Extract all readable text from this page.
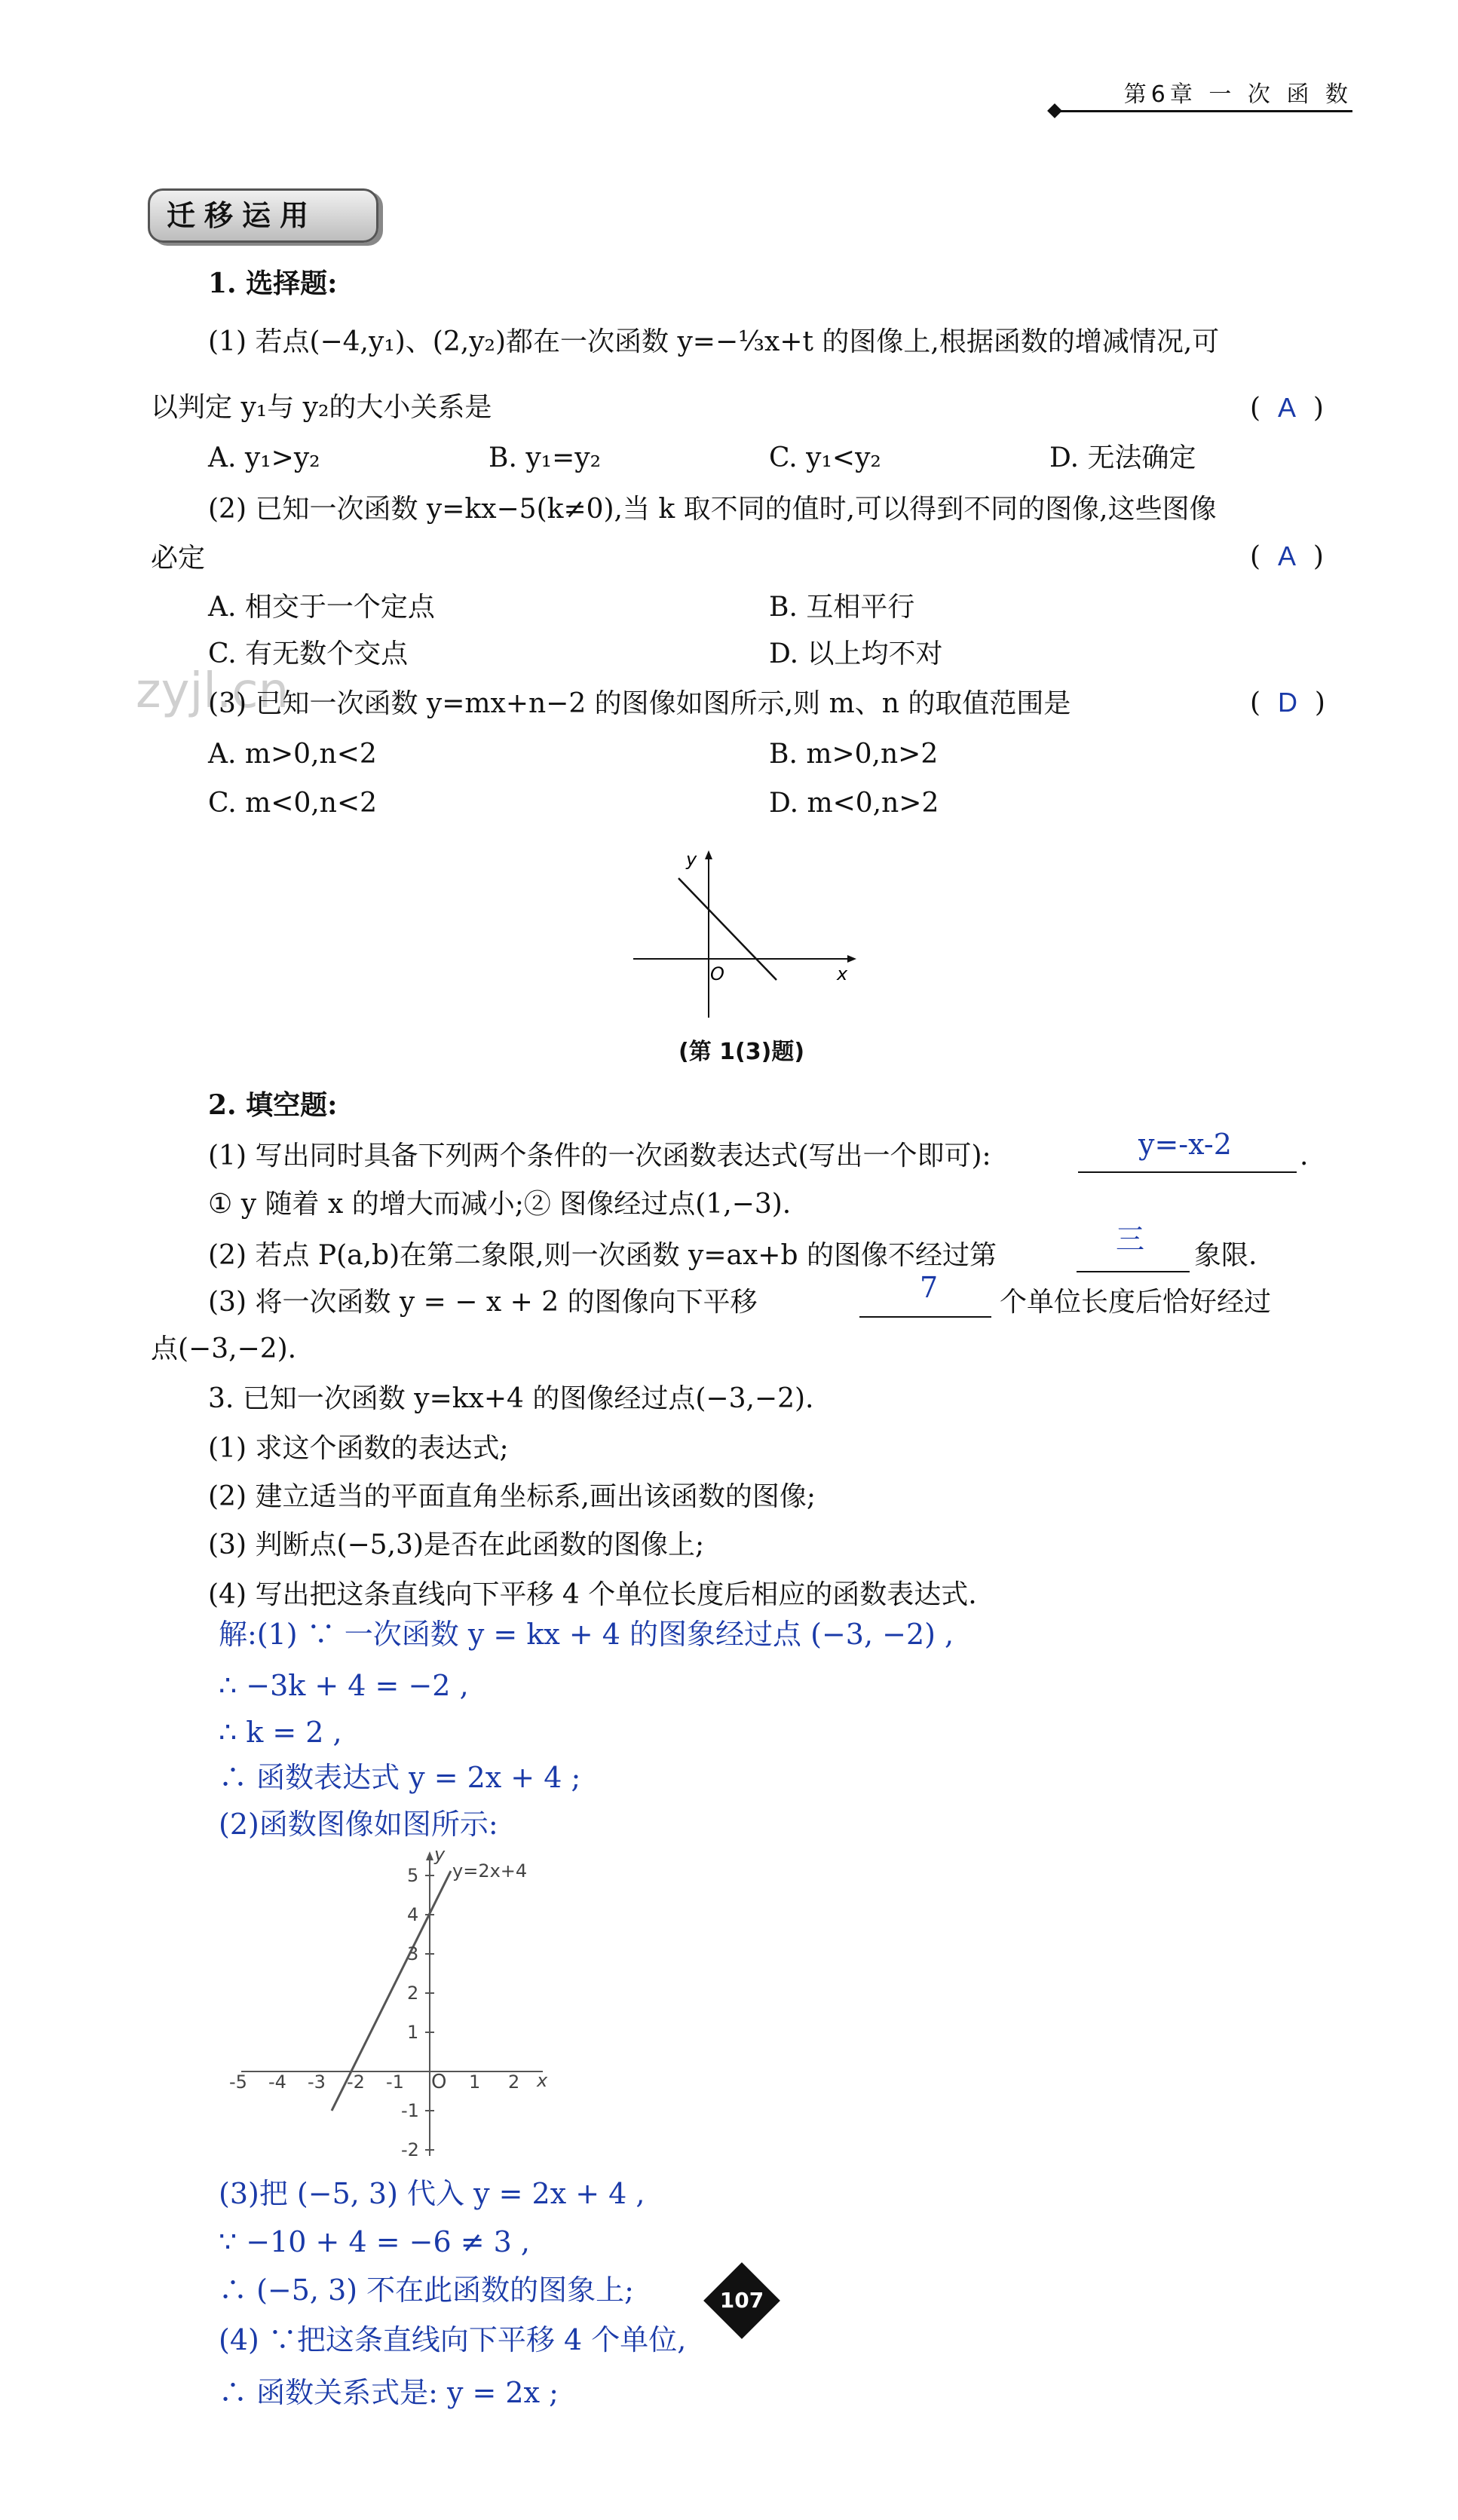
第6章 一 次 函 数
迁移运用
zyjl.cn
1. 选择题:
(1) 若点(−4,y₁)、(2,y₂)都在一次函数 y=−⅓x+t 的图像上,根据函数的增减情况,可
以判定 y₁与 y₂的大小关系是	(  A  )
A. y₁>y₂	B. y₁=y₂	C. y₁<y₂	D. 无法确定
(2) 已知一次函数 y=kx−5(k≠0),当 k 取不同的值时,可以得到不同的图像,这些图像
必定	(  A  )
A. 相交于一个定点	B. 互相平行
C. 有无数个交点	D. 以上均不对
(3) 已知一次函数 y=mx+n−2 的图像如图所示,则 m、n 的取值范围是	(  D  )
A. m>0,n<2	B. m>0,n>2
C. m<0,n<2	D. m<0,n>2
y
x
O
(第 1(3)题)
2. 填空题:
(1) 写出同时具备下列两个条件的一次函数表达式(写出一个即可):	y=-x-2	.
① y 随着 x 的增大而减小;② 图像经过点(1,−3).
(2) 若点 P(a,b)在第二象限,则一次函数 y=ax+b 的图像不经过第	三 象限.
(3) 将一次函数 y = − x + 2 的图像向下平移	7 个单位长度后恰好经过
点(−3,−2).
3. 已知一次函数 y=kx+4 的图像经过点(−3,−2).
(1) 求这个函数的表达式;
(2) 建立适当的平面直角坐标系,画出该函数的图像;
(3) 判断点(−5,3)是否在此函数的图像上;
(4) 写出把这条直线向下平移 4 个单位长度后相应的函数表达式.
解:(1) ∵ 一次函数 y = kx + 4 的图象经过点 (−3, −2) ,
∴ −3k + 4 = −2 ,
∴ k = 2 ,
∴ 函数表达式 y = 2x + 4 ;
(2)函数图像如图所示:
y=2x+4
y
x
O
-5 -4 -3 -2 -1	1 2
5
4
3
2
1
-1
-2
(3)把 (−5, 3) 代入 y = 2x + 4 ,
∵ −10 + 4 = −6 ≠ 3 ,
∴ (−5, 3) 不在此函数的图象上;
(4) ∵把这条直线向下平移 4 个单位,
∴ 函数关系式是: y = 2x ;
107
